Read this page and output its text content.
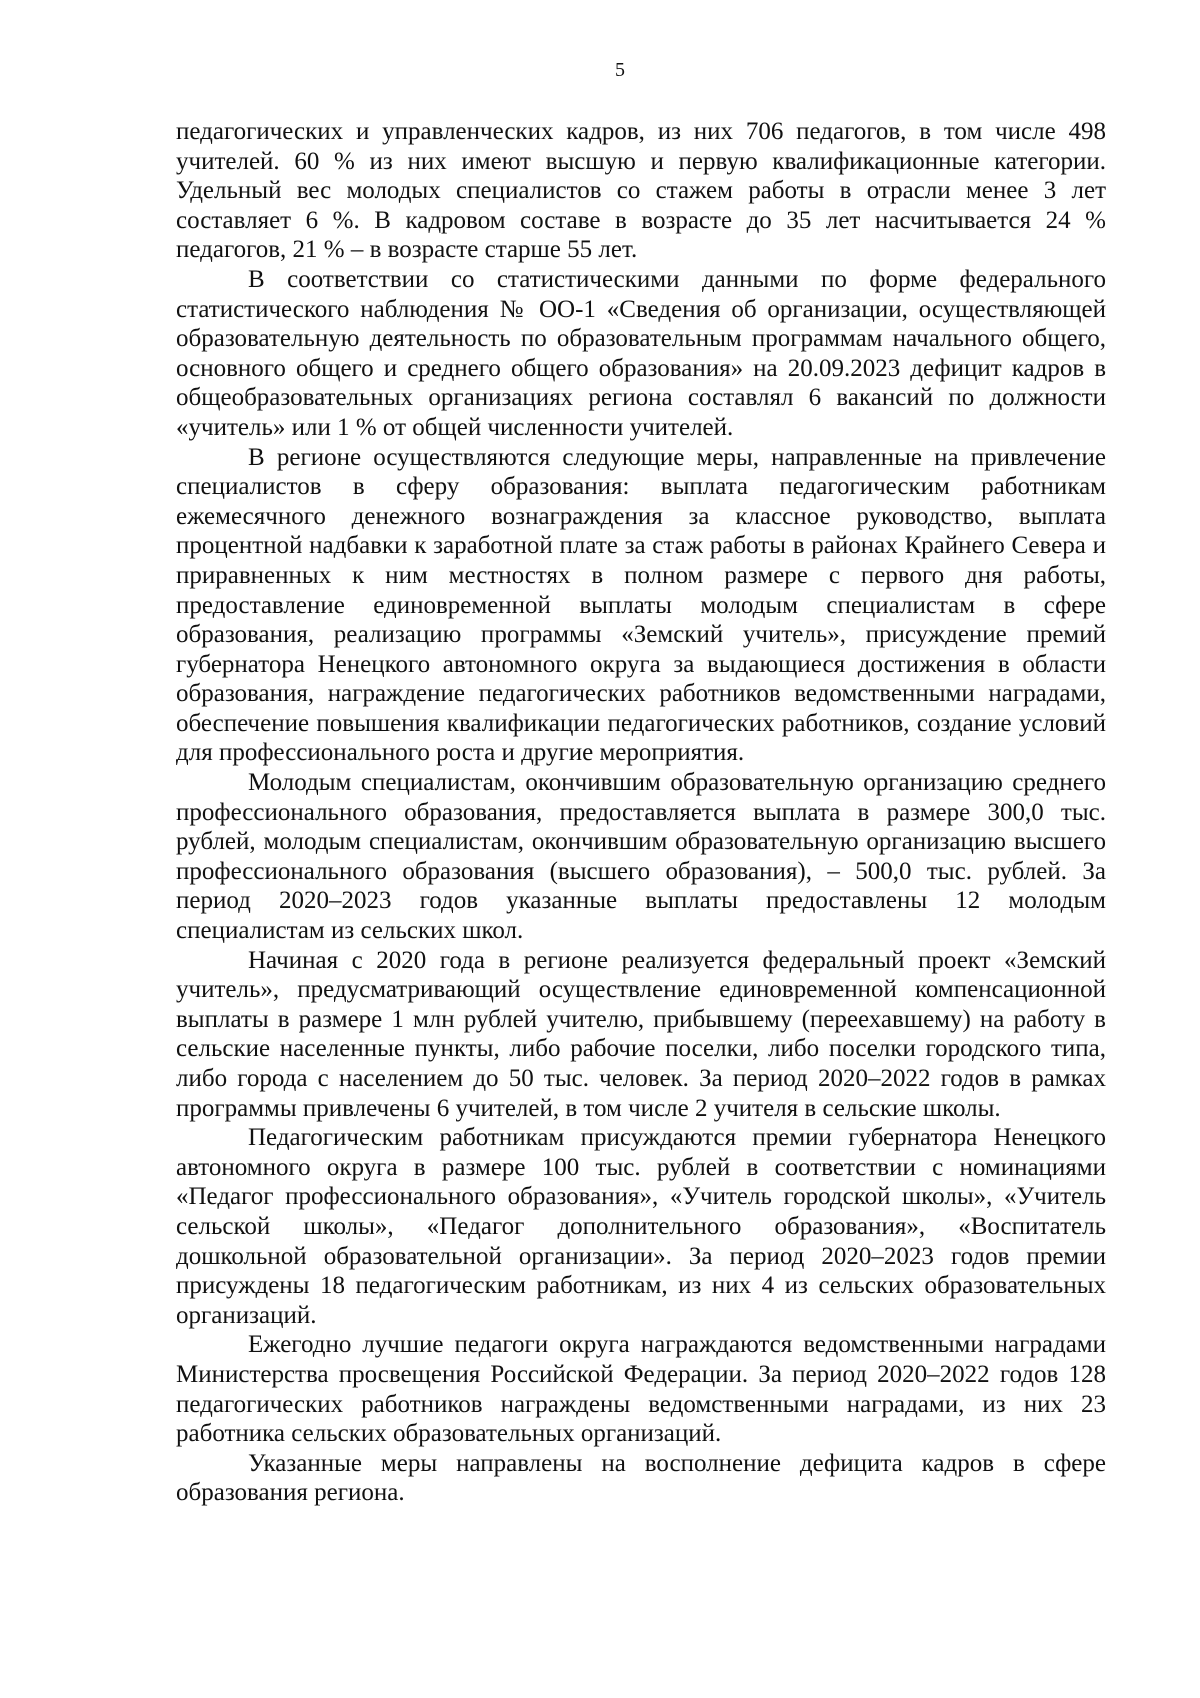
5

педагогических и управленческих кадров, из них 706 педагогов, в том числе 498 учителей. 60 % из них имеют высшую и первую квалификационные категории. Удельный вес молодых специалистов со стажем работы в отрасли менее 3 лет составляет 6 %. В кадровом составе в возрасте до 35 лет насчитывается 24 % педагогов, 21 % – в возрасте старше 55 лет.

В соответствии со статистическими данными по форме федерального статистического наблюдения № ОО-1 «Сведения об организации, осуществляющей образовательную деятельность по образовательным программам начального общего, основного общего и среднего общего образования» на 20.09.2023 дефицит кадров в общеобразовательных организациях региона составлял 6 вакансий по должности «учитель» или 1 % от общей численности учителей.

В регионе осуществляются следующие меры, направленные на привлечение специалистов в сферу образования: выплата педагогическим работникам ежемесячного денежного вознаграждения за классное руководство, выплата процентной надбавки к заработной плате за стаж работы в районах Крайнего Севера и приравненных к ним местностях в полном размере с первого дня работы, предоставление единовременной выплаты молодым специалистам в сфере образования, реализацию программы «Земский учитель», присуждение премий губернатора Ненецкого автономного округа за выдающиеся достижения в области образования, награждение педагогических работников ведомственными наградами, обеспечение повышения квалификации педагогических работников, создание условий для профессионального роста и другие мероприятия.

Молодым специалистам, окончившим образовательную организацию среднего профессионального образования, предоставляется выплата в размере 300,0 тыс. рублей, молодым специалистам, окончившим образовательную организацию высшего профессионального образования (высшего образования), – 500,0 тыс. рублей. За период 2020–2023 годов указанные выплаты предоставлены 12 молодым специалистам из сельских школ.

Начиная с 2020 года в регионе реализуется федеральный проект «Земский учитель», предусматривающий осуществление единовременной компенсационной выплаты в размере 1 млн рублей учителю, прибывшему (переехавшему) на работу в сельские населенные пункты, либо рабочие поселки, либо поселки городского типа, либо города с населением до 50 тыс. человек. За период 2020–2022 годов в рамках программы привлечены 6 учителей, в том числе 2 учителя в сельские школы.

Педагогическим работникам присуждаются премии губернатора Ненецкого автономного округа в размере 100 тыс. рублей в соответствии с номинациями «Педагог профессионального образования», «Учитель городской школы», «Учитель сельской школы», «Педагог дополнительного образования», «Воспитатель дошкольной образовательной организации». За период 2020–2023 годов премии присуждены 18 педагогическим работникам, из них 4 из сельских образовательных организаций.

Ежегодно лучшие педагоги округа награждаются ведомственными наградами Министерства просвещения Российской Федерации. За период 2020–2022 годов 128 педагогических работников награждены ведомственными наградами, из них 23 работника сельских образовательных организаций.

Указанные меры направлены на восполнение дефицита кадров в сфере образования региона.
